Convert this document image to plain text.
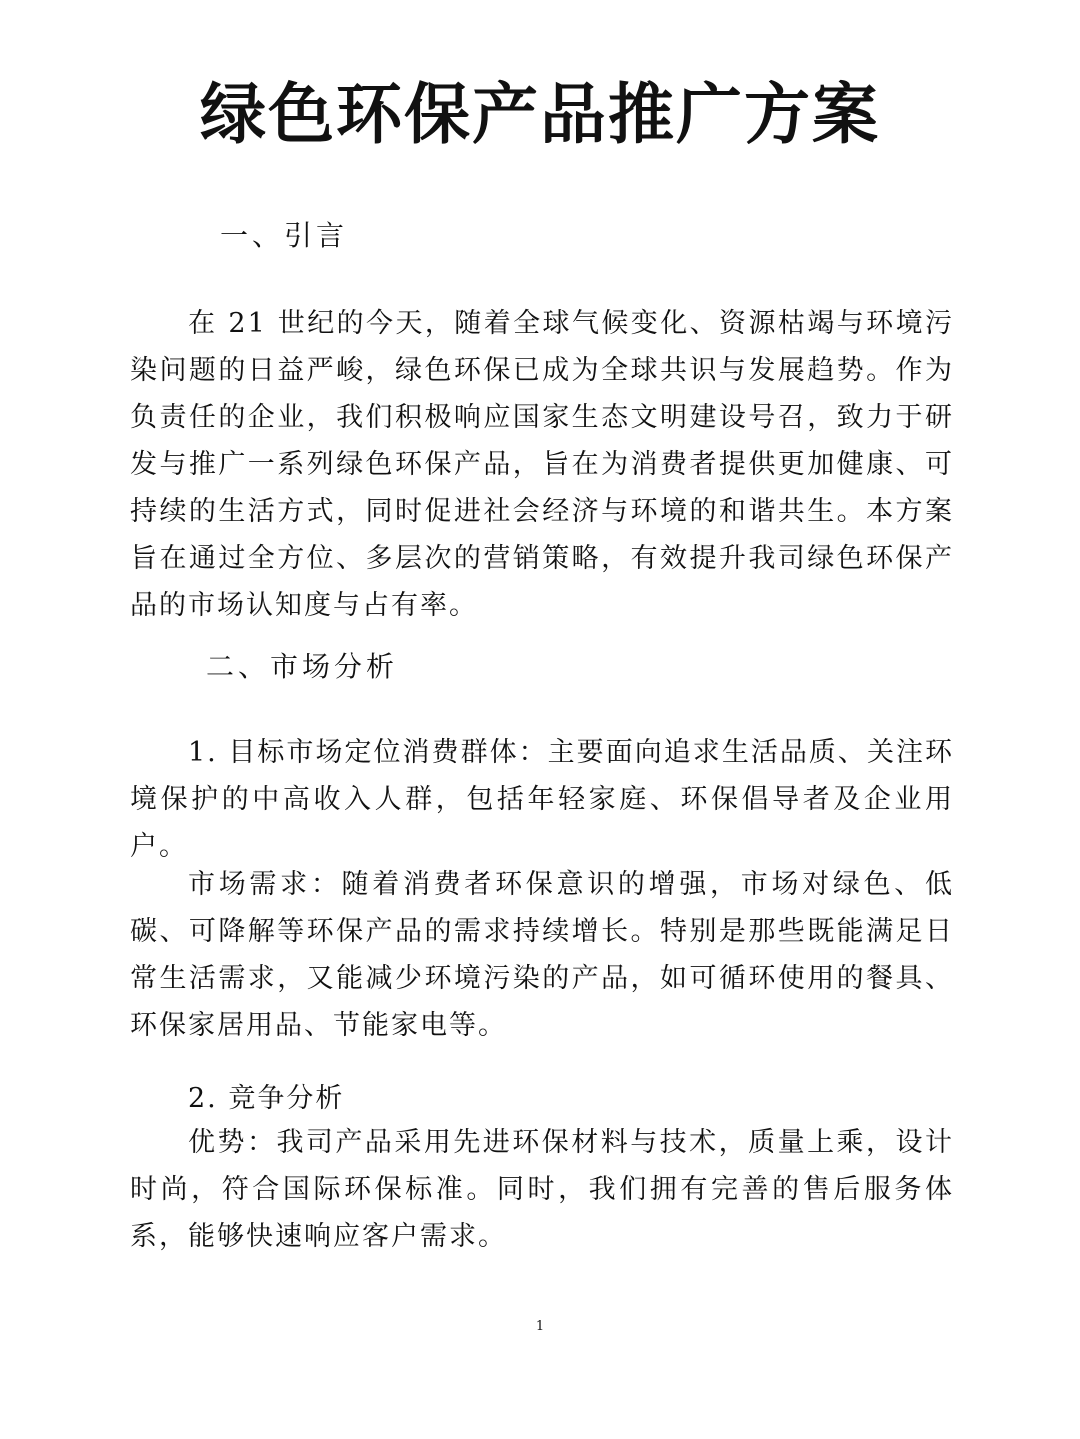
绿色环保产品推广方案
一、引言

在 21 世纪的今天，随着全球气候变化、资源枯竭与环境污染问题的日益严峻，绿色环保已成为全球共识与发展趋势。作为负责任的企业，我们积极响应国家生态文明建设号召，致力于研发与推广一系列绿色环保产品，旨在为消费者提供更加健康、可持续的生活方式，同时促进社会经济与环境的和谐共生。本方案旨在通过全方位、多层次的营销策略，有效提升我司绿色环保产品的市场认知度与占有率。

二、市场分析

1. 目标市场定位消费群体：主要面向追求生活品质、关注环境保护的中高收入人群，包括年轻家庭、环保倡导者及企业用户。

市场需求：随着消费者环保意识的增强，市场对绿色、低碳、可降解等环保产品的需求持续增长。特别是那些既能满足日常生活需求，又能减少环境污染的产品，如可循环使用的餐具、环保家居用品、节能家电等。

2. 竞争分析

优势：我司产品采用先进环保材料与技术，质量上乘，设计时尚，符合国际环保标准。同时，我们拥有完善的售后服务体系，能够快速响应客户需求。

1
